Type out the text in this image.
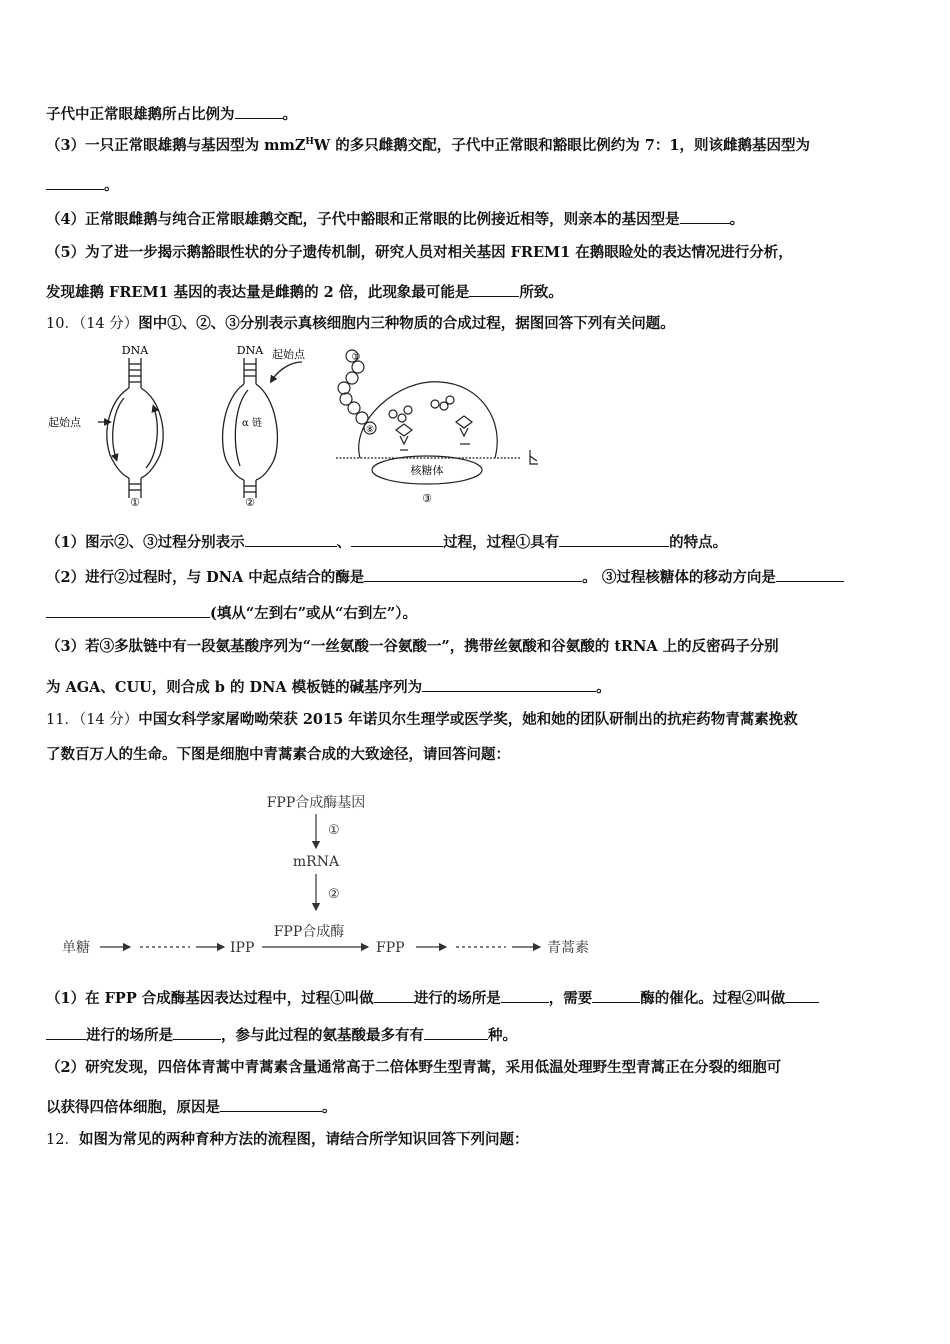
子代中正常眼雄鹅所占比例为	。
（3）一只正常眼雄鹅与基因型为 mmZ$^H$W 的多只雌鹅交配，子代中正常眼和豁眼比例约为 7：1，则该雌鹅基因型为
。
（4）正常眼雌鹅与纯合正常眼雄鹅交配，子代中豁眼和正常眼的比例接近相等，则亲本的基因型是	。
（5）为了进一步揭示鹅豁眼性状的分子遗传机制，研究人员对相关基因 FREM1 在鹅眼睑处的表达情况进行分析，
发现雄鹅 FREM1 基因的表达量是雌鹅的 2 倍，此现象最可能是	所致。
10．（14 分）图中①、②、③分别表示真核细胞内三种物质的合成过程，据图回答下列有关问题。
DNA
起始点
①
DNA
α 链
起始点
②
①
⑧
核糖体
③
（1）图示②、③过程分别表示	、	过程，过程①具有	的特点。
（2）进行②过程时，与 DNA 中起点结合的酶是	。 ③过程核糖体的移动方向是
(填从“左到右”或从“右到左”）。
（3）若③多肽链中有一段氨基酸序列为“一丝氨酸一谷氨酸一”，携带丝氨酸和谷氨酸的 tRNA 上的反密码子分别
为 AGA、CUU，则合成 b 的 DNA 模板链的碱基序列为	。
11．（14 分）中国女科学家屠呦呦荣获 2015 年诺贝尔生理学或医学奖，她和她的团队研制出的抗疟药物青蒿素挽救
了数百万人的生命。下图是细胞中青蒿素合成的大致途径，请回答问题：
FPP合成酶基因
①
mRNA
②
FPP合成酶
单糖	IPP	FPP	青蒿素
（1）在 FPP 合成酶基因表达过程中，过程①叫做	进行的场所是	，需要	酶的催化。过程②叫做
进行的场所是	，参与此过程的氨基酸最多有有	种。
（2）研究发现，四倍体青蒿中青蒿素含量通常高于二倍体野生型青蒿，采用低温处理野生型青蒿正在分裂的细胞可
以获得四倍体细胞，原因是	。
12．如图为常见的两种育种方法的流程图，请结合所学知识回答下列问题：
